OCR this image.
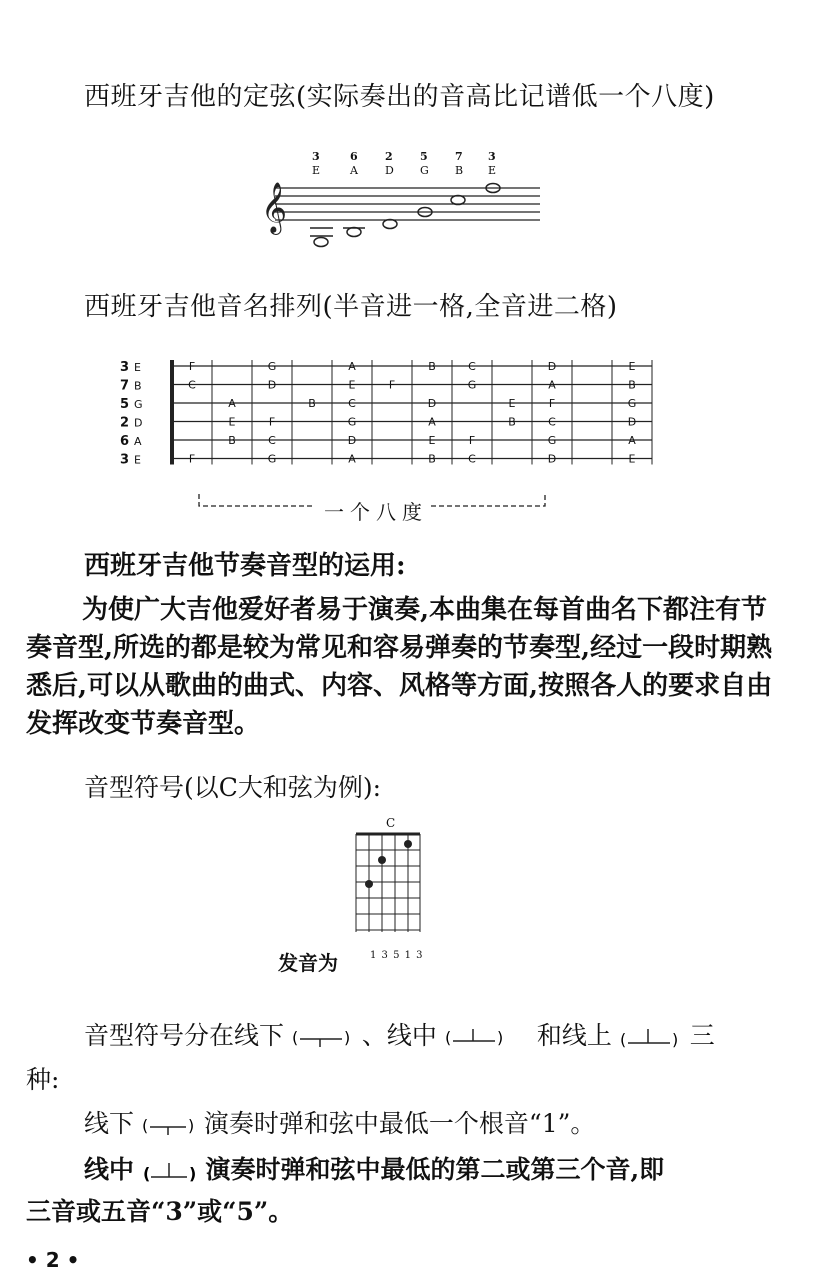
西班牙吉他的定弦(实际奏出的音高比记谱低一个八度)
𝄞
3
E
6
A
2
D
5
G
7
B
3
E
西班牙吉他音名排列(半音进一格,全音进二格)
3 E	F	G	A	B	C	D	E
7 B	C	D	E	F	G	A	B
5 G	A	B	C	D	E	F	G
2 D	E	F	G	A	B	C	D
6 A	B	C	D	E	F	G	A
3 E	F	G	A	B	C	D	E
一个八度
西班牙吉他节奏音型的运用:
为使广大吉他爱好者易于演奏,本曲集在每首曲名下都注有节奏音型,所选的都是较为常见和容易弹奏的节奏型,经过一段时期熟悉后,可以从歌曲的曲式、内容、风格等方面,按照各人的要求自由发挥改变节奏音型。
音型符号(以C大和弦为例):
C
发音为	1 3 5 1 3
音型符号分在线下 (	) 、线中 (	) 和线上 (	) 三
种:
线下 ( ) 演奏时弹和弦中最低一个根音“1”。
线中 ( ) 演奏时弹和弦中最低的第二或第三个音,即
三音或五音“3”或“5”。
• 2 •
